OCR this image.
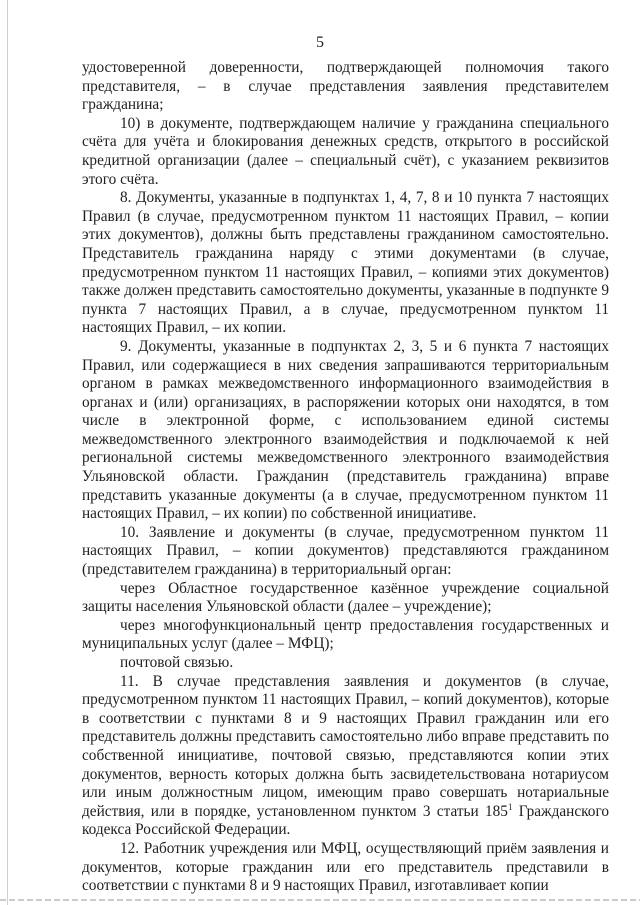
5

удостоверенной доверенности, подтверждающей полномочия такого представителя, – в случае представления заявления представителем гражданина;

10) в документе, подтверждающем наличие у гражданина специального счёта для учёта и блокирования денежных средств, открытого в российской кредитной организации (далее – специальный счёт), с указанием реквизитов этого счёта.

8. Документы, указанные в подпунктах 1, 4, 7, 8 и 10 пункта 7 настоящих Правил (в случае, предусмотренном пунктом 11 настоящих Правил, – копии этих документов), должны быть представлены гражданином самостоятельно. Представитель гражданина наряду с этими документами (в случае, предусмотренном пунктом 11 настоящих Правил, – копиями этих документов) также должен представить самостоятельно документы, указанные в подпункте 9 пункта 7 настоящих Правил, а в случае, предусмотренном пунктом 11 настоящих Правил, – их копии.

9. Документы, указанные в подпунктах 2, 3, 5 и 6 пункта 7 настоящих Правил, или содержащиеся в них сведения запрашиваются территориальным органом в рамках межведомственного информационного взаимодействия в органах и (или) организациях, в распоряжении которых они находятся, в том числе в электронной форме, с использованием единой системы межведомственного электронного взаимодействия и подключаемой к ней региональной системы межведомственного электронного взаимодействия Ульяновской области. Гражданин (представитель гражданина) вправе представить указанные документы (а в случае, предусмотренном пунктом 11 настоящих Правил, – их копии) по собственной инициативе.

10. Заявление и документы (в случае, предусмотренном пунктом 11 настоящих Правил, – копии документов) представляются гражданином (представителем гражданина) в территориальный орган:

через Областное государственное казённое учреждение социальной защиты населения Ульяновской области (далее – учреждение);

через многофункциональный центр предоставления государственных и муниципальных услуг (далее – МФЦ);

почтовой связью.

11. В случае представления заявления и документов (в случае, предусмотренном пунктом 11 настоящих Правил, – копий документов), которые в соответствии с пунктами 8 и 9 настоящих Правил гражданин или его представитель должны представить самостоятельно либо вправе представить по собственной инициативе, почтовой связью, представляются копии этих документов, верность которых должна быть засвидетельствована нотариусом или иным должностным лицом, имеющим право совершать нотариальные действия, или в порядке, установленном пунктом 3 статьи $185^1$ Гражданского кодекса Российской Федерации.

12. Работник учреждения или МФЦ, осуществляющий приём заявления и документов, которые гражданин или его представитель представили в соответствии с пунктами 8 и 9 настоящих Правил, изготавливает копии
